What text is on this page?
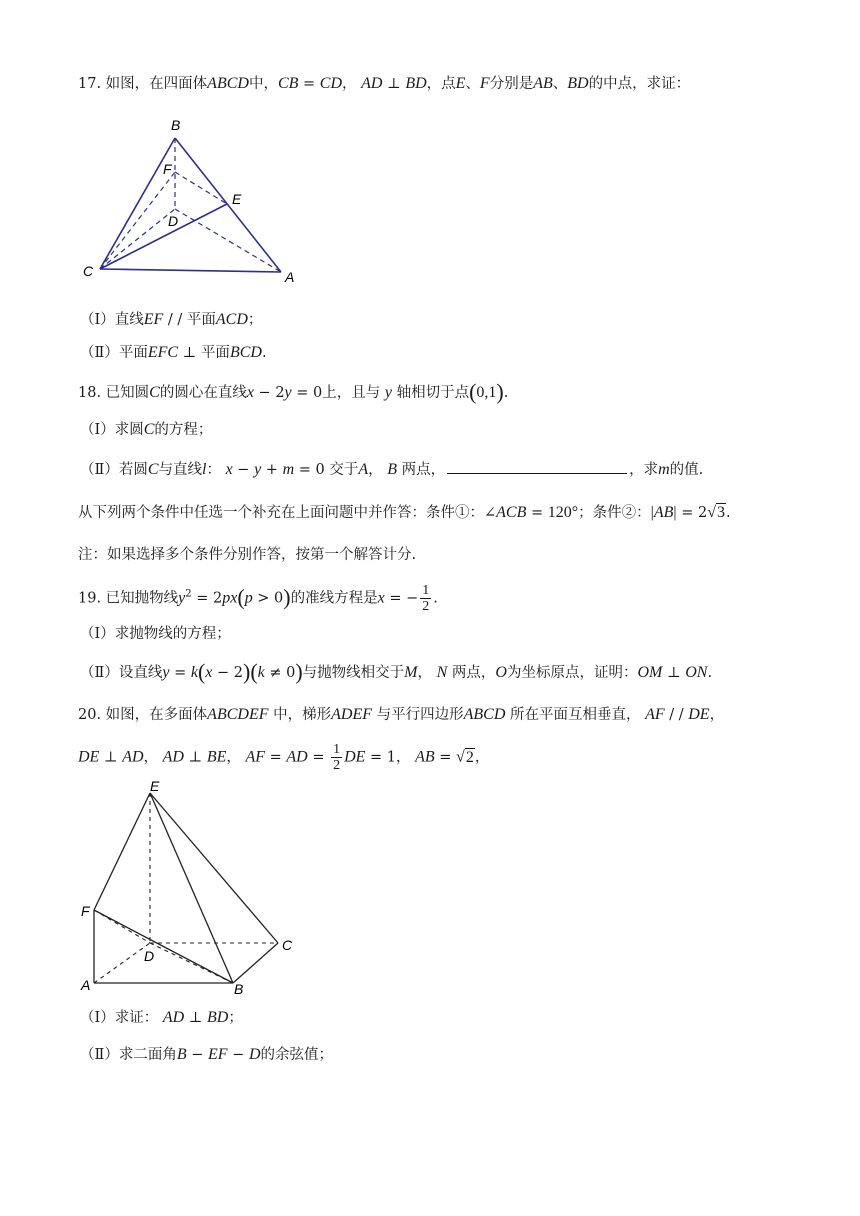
17. 如图，在四面体ABCD中，CB = CD， AD ⊥ BD，点E、F分别是AB、BD的中点，求证：
B
F
E
D
C	A
（Ⅰ）直线EF / / 平面ACD；
（Ⅱ）平面EFC ⊥ 平面BCD.
18. 已知圆C的圆心在直线x − 2y = 0上，且与 y 轴相切于点(0,1).
（Ⅰ）求圆C的方程；
（Ⅱ）若圆C与直线l： x − y + m = 0 交于A， B 两点，	，求m的值.
从下列两个条件中任选一个补充在上面问题中并作答：条件①：∠ACB = 120°；条件②：|AB| = 2√3.
注：如果选择多个条件分别作答，按第一个解答计分.
19. 已知抛物线$y^2 = 2px(p > 0)$的准线方程是x = − $\frac{1}{2}$ .
（Ⅰ）求抛物线的方程；
（Ⅱ）设直线y = k(x − 2)(k ≠ 0)与抛物线相交于M， N 两点，O为坐标原点，证明：OM ⊥ ON.
20. 如图，在多面体ABCDEF 中，梯形ADEF 与平行四边形ABCD 所在平面互相垂直， AF / / DE，
DE ⊥ AD， AD ⊥ BE， AF = AD = $\frac{1}{2}$ DE = 1， AB = √2，
E
F
D
C
A	B
（Ⅰ）求证： AD ⊥ BD；
（Ⅱ）求二面角B − EF − D的余弦值；
